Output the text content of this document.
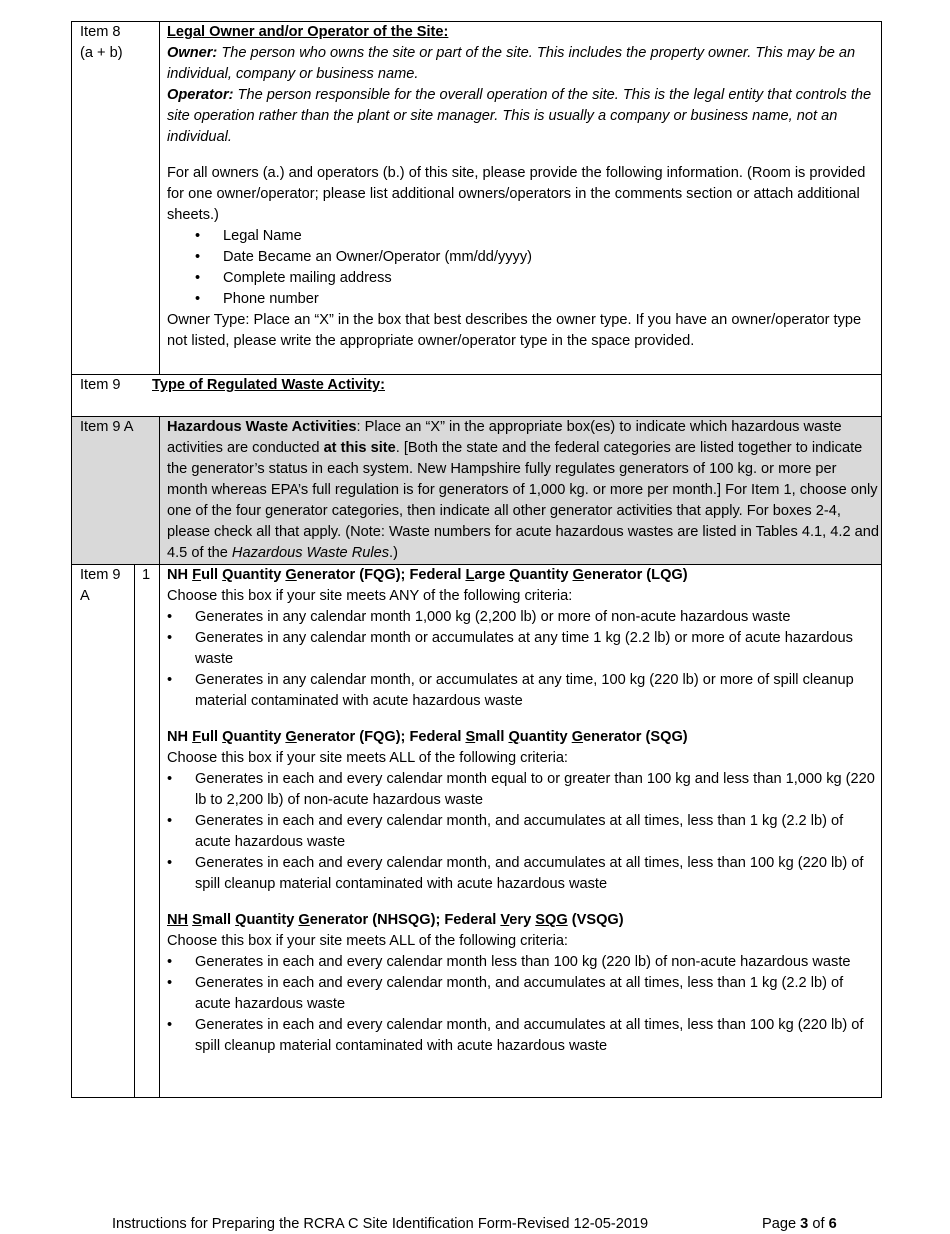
Item 8
(a + b)

Legal Owner and/or Operator of the Site:

Owner: The person who owns the site or part of the site. This includes the property owner. This may be an individual, company or business name.

Operator: The person responsible for the overall operation of the site. This is the legal entity that controls the site operation rather than the plant or site manager. This is usually a company or business name, not an individual.

For all owners (a.) and operators (b.) of this site, please provide the following information. (Room is provided for one owner/operator; please list additional owners/operators in the comments section or attach additional sheets.)

• Legal Name
• Date Became an Owner/Operator (mm/dd/yyyy)
• Complete mailing address
• Phone number

Owner Type: Place an “X” in the box that best describes the owner type. If you have an owner/operator type not listed, please write the appropriate owner/operator type in the space provided.

Item 9 Type of Regulated Waste Activity:
Item 9 A Hazardous Waste Activities: Place an “X” in the appropriate box(es) to indicate which hazardous waste activities are conducted at this site. [Both the state and the federal categories are listed together to indicate the generator’s status in each system. New Hampshire fully regulates generators of 100 kg. or more per month whereas EPA’s full regulation is for generators of 1,000 kg. or more per month.] For Item 1, choose only one of the four generator categories, then indicate all other generator activities that apply. For boxes 2-4, please check all that apply. (Note: Waste numbers for acute hazardous wastes are listed in Tables 4.1, 4.2 and 4.5 of the Hazardous Waste Rules.)

Item 9
A
1 NH Full Quantity Generator (FQG); Federal Large Quantity Generator (LQG)

Choose this box if your site meets ANY of the following criteria:

• Generates in any calendar month 1,000 kg (2,200 lb) or more of non-acute hazardous waste
• Generates in any calendar month or accumulates at any time 1 kg (2.2 lb) or more of acute hazardous waste
• Generates in any calendar month, or accumulates at any time, 100 kg (220 lb) or more of spill cleanup material contaminated with acute hazardous waste

NH Full Quantity Generator (FQG); Federal Small Quantity Generator (SQG)

Choose this box if your site meets ALL of the following criteria:

• Generates in each and every calendar month equal to or greater than 100 kg and less than 1,000 kg (220 lb to 2,200 lb) of non-acute hazardous waste
• Generates in each and every calendar month, and accumulates at all times, less than 1 kg (2.2 lb) of acute hazardous waste
• Generates in each and every calendar month, and accumulates at all times, less than 100 kg (220 lb) of spill cleanup material contaminated with acute hazardous waste

NH Small Quantity Generator (NHSQG); Federal Very SQG (VSQG)

Choose this box if your site meets ALL of the following criteria:

• Generates in each and every calendar month less than 100 kg (220 lb) of non-acute hazardous waste
• Generates in each and every calendar month, and accumulates at all times, less than 1 kg (2.2 lb) of acute hazardous waste
• Generates in each and every calendar month, and accumulates at all times, less than 100 kg (220 lb) of spill cleanup material contaminated with acute hazardous waste
Instructions for Preparing the RCRA C Site Identification Form-Revised 12-05-2019	Page 3 of 6
